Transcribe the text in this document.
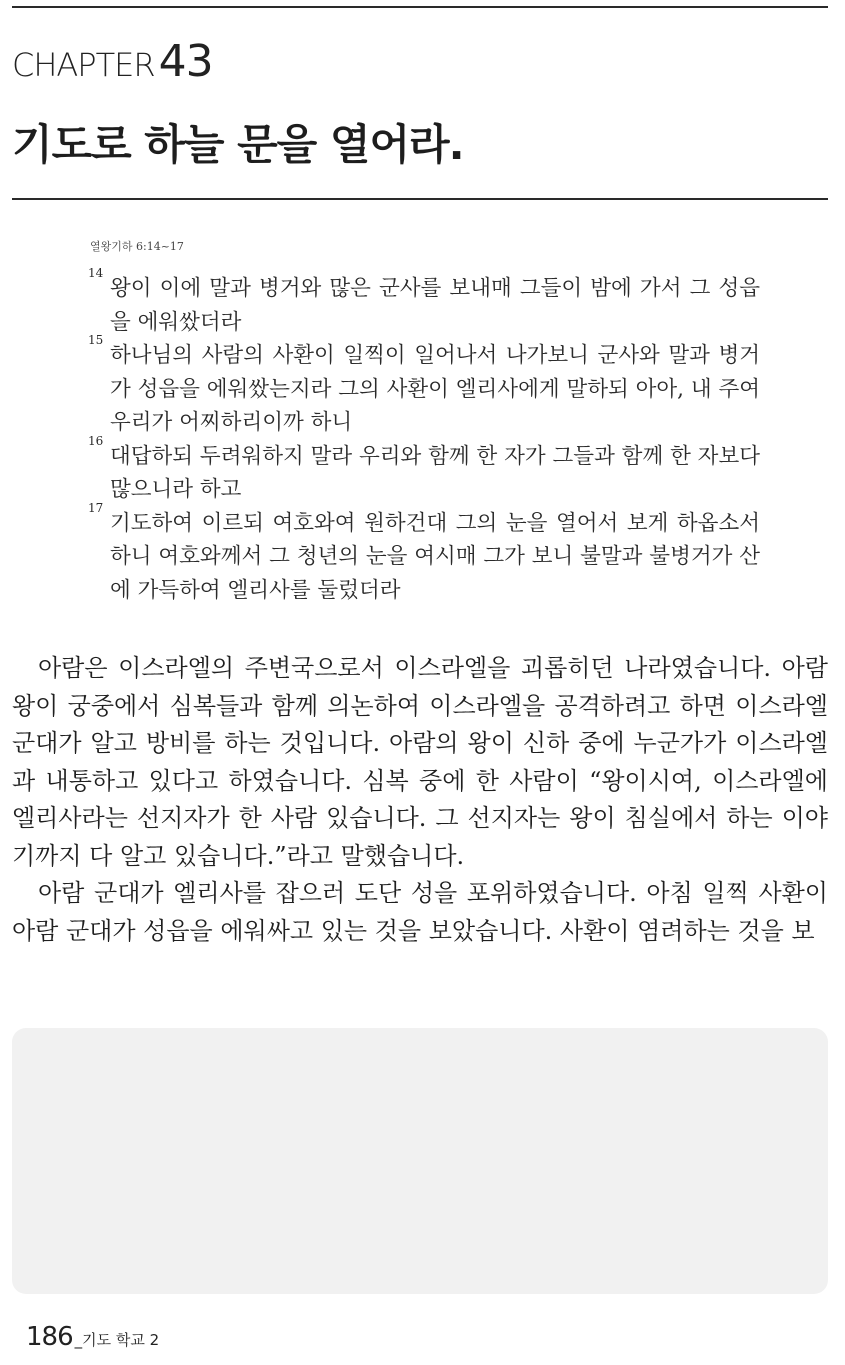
CHAPTER43
기도로 하늘 문을 열어라.
열왕기하 6:14~17
14
왕이 이에 말과 병거와 많은 군사를 보내매 그들이 밤에 가서 그 성읍을 에워쌌더라
15
하나님의 사람의 사환이 일찍이 일어나서 나가보니 군사와 말과 병거가 성읍을 에워쌌는지라 그의 사환이 엘리사에게 말하되 아아, 내 주여 우리가 어찌하리이까 하니
16
대답하되 두려워하지 말라 우리와 함께 한 자가 그들과 함께 한 자보다 많으니라 하고
17
기도하여 이르되 여호와여 원하건대 그의 눈을 열어서 보게 하옵소서 하니 여호와께서 그 청년의 눈을 여시매 그가 보니 불말과 불병거가 산에 가득하여 엘리사를 둘렀더라

아람은 이스라엘의 주변국으로서 이스라엘을 괴롭히던 나라였습니다. 아람 왕이 궁중에서 심복들과 함께 의논하여 이스라엘을 공격하려고 하면 이스라엘 군대가 알고 방비를 하는 것입니다. 아람의 왕이 신하 중에 누군가가 이스라엘과 내통하고 있다고 하였습니다. 심복 중에 한 사람이 “왕이시여, 이스라엘에 엘리사라는 선지자가 한 사람 있습니다. 그 선지자는 왕이 침실에서 하는 이야기까지 다 알고 있습니다.”라고 말했습니다.

아람 군대가 엘리사를 잡으러 도단 성을 포위하였습니다. 아침 일찍 사환이 아람 군대가 성읍을 에워싸고 있는 것을 보았습니다. 사환이 염려하는 것을 보

186 _기도 학교 2
